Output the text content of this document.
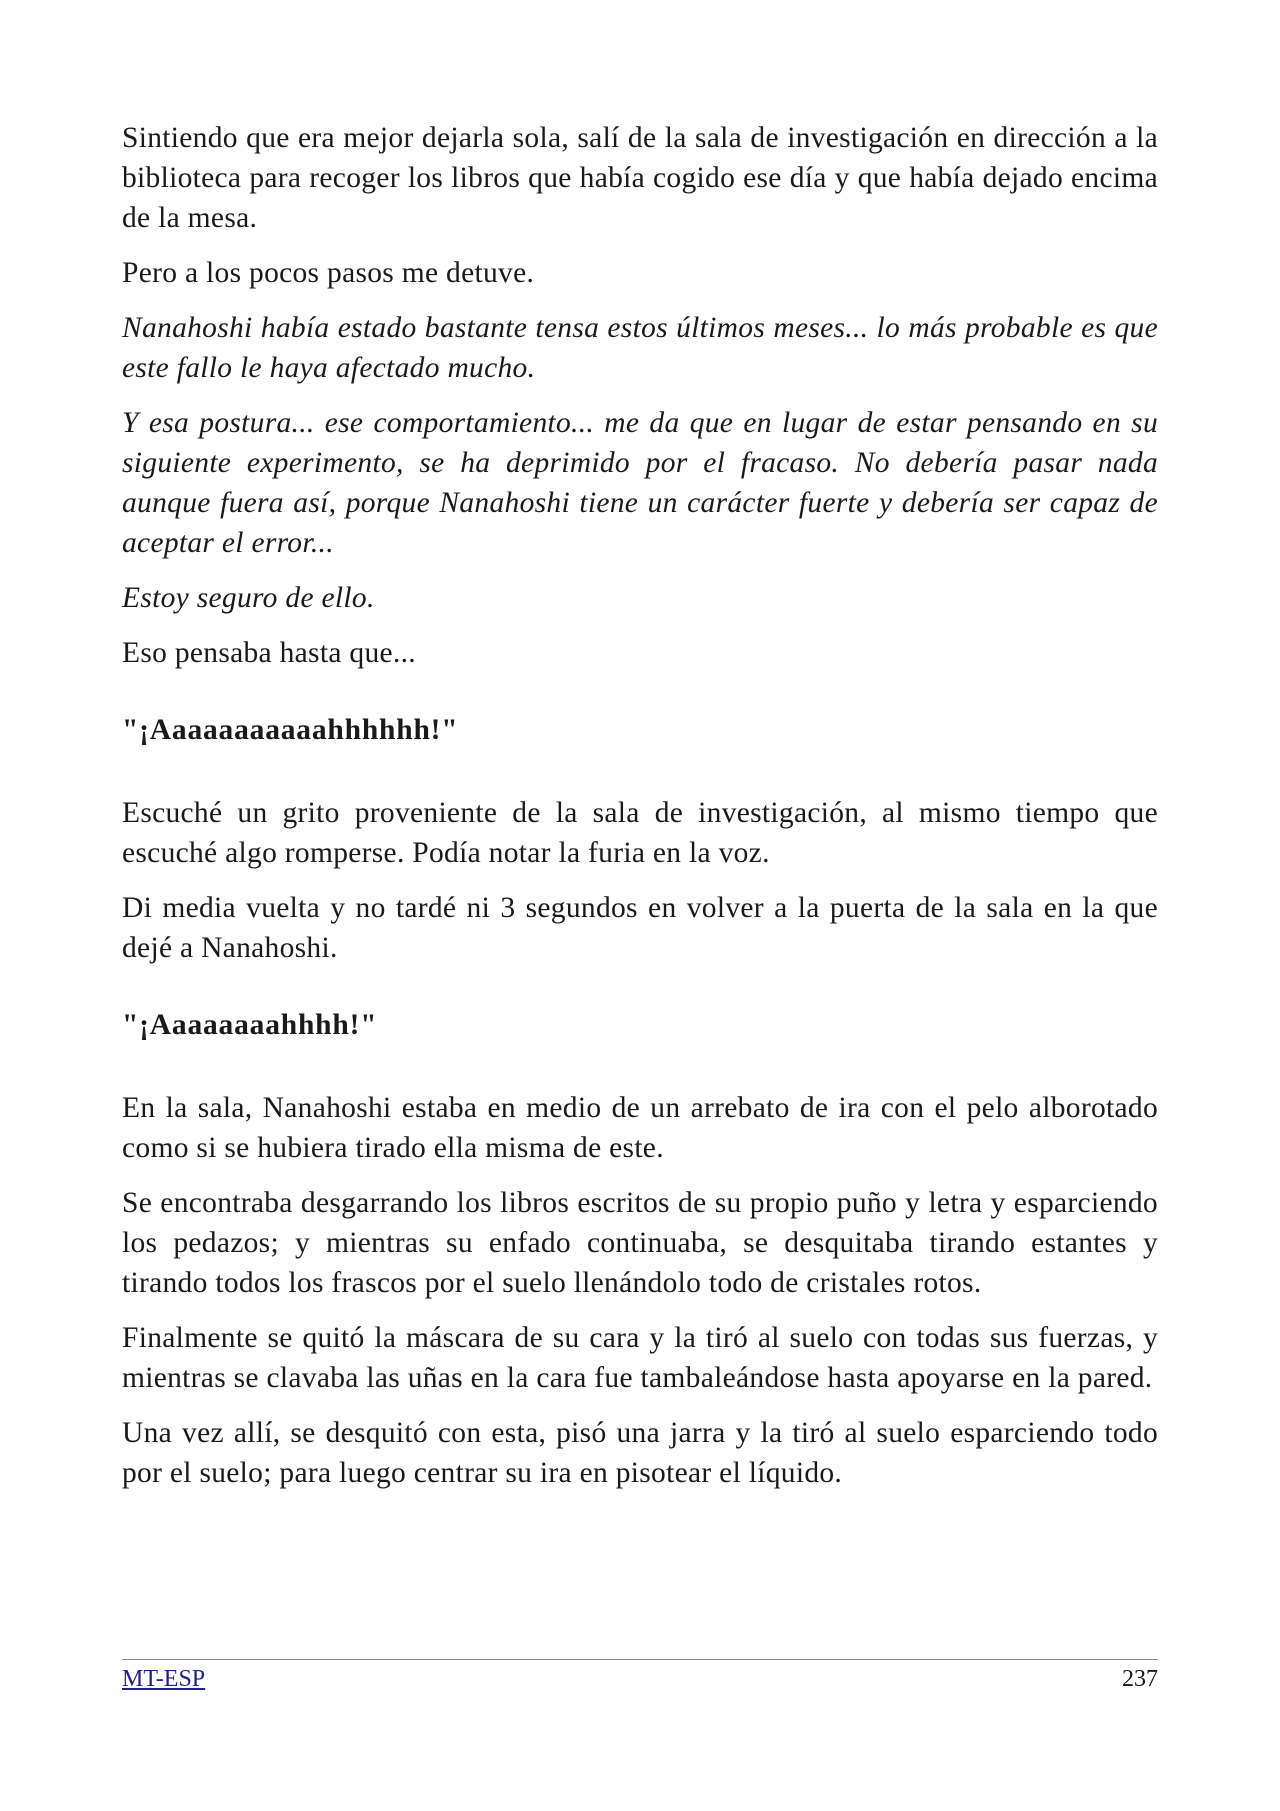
Sintiendo que era mejor dejarla sola, salí de la sala de investigación en dirección a la biblioteca para recoger los libros que había cogido ese día y que había dejado encima de la mesa.

Pero a los pocos pasos me detuve.

Nanahoshi había estado bastante tensa estos últimos meses... lo más probable es que este fallo le haya afectado mucho.

Y esa postura... ese comportamiento... me da que en lugar de estar pensando en su siguiente experimento, se ha deprimido por el fracaso. No debería pasar nada aunque fuera así, porque Nanahoshi tiene un carácter fuerte y debería ser capaz de aceptar el error...

Estoy seguro de ello.

Eso pensaba hasta que...

"¡Aaaaaaaaaaahhhhhh!"

Escuché un grito proveniente de la sala de investigación, al mismo tiempo que escuché algo romperse. Podía notar la furia en la voz.

Di media vuelta y no tardé ni 3 segundos en volver a la puerta de la sala en la que dejé a Nanahoshi.

"¡Aaaaaaaahhhh!"

En la sala, Nanahoshi estaba en medio de un arrebato de ira con el pelo alborotado como si se hubiera tirado ella misma de este.

Se encontraba desgarrando los libros escritos de su propio puño y letra y esparciendo los pedazos; y mientras su enfado continuaba, se desquitaba tirando estantes y tirando todos los frascos por el suelo llenándolo todo de cristales rotos.

Finalmente se quitó la máscara de su cara y la tiró al suelo con todas sus fuerzas, y mientras se clavaba las uñas en la cara fue tambaleándose hasta apoyarse en la pared.

Una vez allí, se desquitó con esta, pisó una jarra y la tiró al suelo esparciendo todo por el suelo; para luego centrar su ira en pisotear el líquido.

MT-ESP	237
